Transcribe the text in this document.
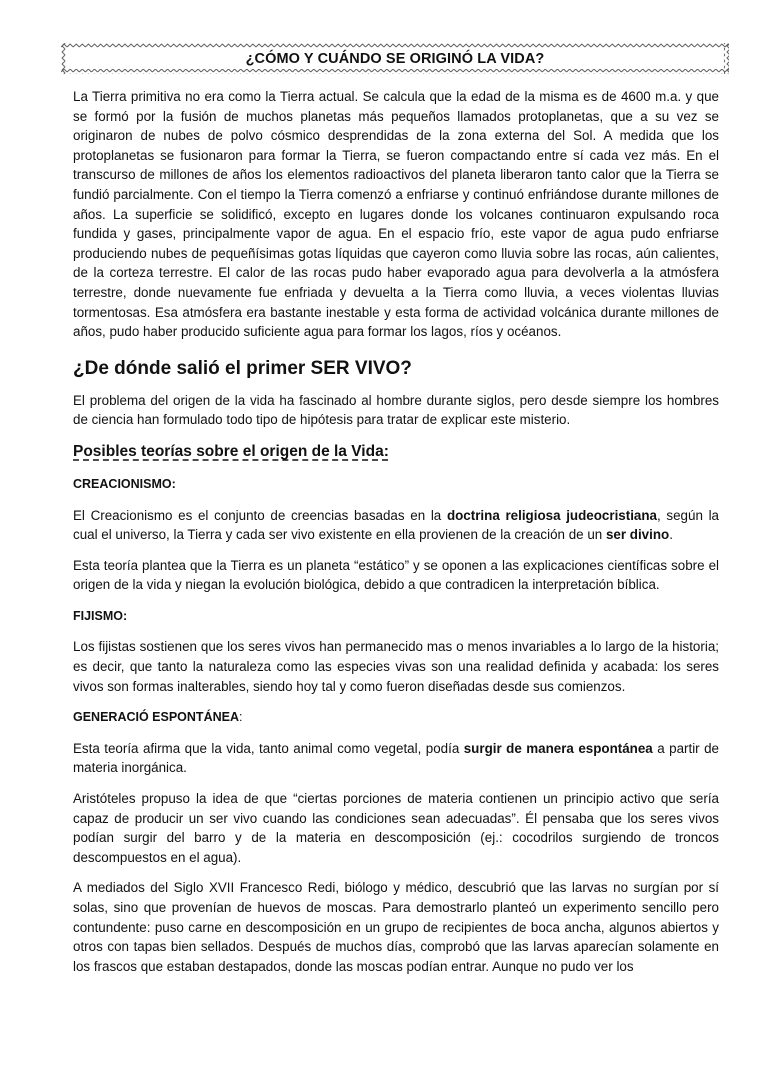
¿CÓMO Y CUÁNDO SE ORIGINÓ LA VIDA?

La Tierra primitiva no era como la Tierra actual. Se calcula que la edad de la misma es de 4600 m.a. y que se formó por la fusión de muchos planetas más pequeños llamados protoplanetas, que a su vez se originaron de nubes de polvo cósmico desprendidas de la zona externa del Sol. A medida que los protoplanetas se fusionaron para formar la Tierra, se fueron compactando entre sí cada vez más. En el transcurso de millones de años los elementos radioactivos del planeta liberaron tanto calor que la Tierra se fundió parcialmente. Con el tiempo la Tierra comenzó a enfriarse y continuó enfriándose durante millones de años. La superficie se solidificó, excepto en lugares donde los volcanes continuaron expulsando roca fundida y gases, principalmente vapor de agua. En el espacio frío, este vapor de agua pudo enfriarse produciendo nubes de pequeñísimas gotas líquidas que cayeron como lluvia sobre las rocas, aún calientes, de la corteza terrestre. El calor de las rocas pudo haber evaporado agua para devolverla a la atmósfera terrestre, donde nuevamente fue enfriada y devuelta a la Tierra como lluvia, a veces violentas lluvias tormentosas. Esa atmósfera era bastante inestable y esta forma de actividad volcánica durante millones de años, pudo haber producido suficiente agua para formar los lagos, ríos y océanos.

¿De dónde salió el primer SER VIVO?

El problema del origen de la vida ha fascinado al hombre durante siglos, pero desde siempre los hombres de ciencia han formulado todo tipo de hipótesis para tratar de explicar este misterio.

Posibles teorías sobre el origen de la Vida:

CREACIONISMO:

El Creacionismo es el conjunto de creencias basadas en la doctrina religiosa judeocristiana, según la cual el universo, la Tierra y cada ser vivo existente en ella provienen de la creación de un ser divino.

Esta teoría plantea que la Tierra es un planeta “estático” y se oponen a las explicaciones científicas sobre el origen de la vida y niegan la evolución biológica, debido a que contradicen la interpretación bíblica.

FIJISMO:

Los fijistas sostienen que los seres vivos han permanecido mas o menos invariables a lo largo de la historia; es decir, que tanto la naturaleza como las especies vivas son una realidad definida y acabada: los seres vivos son formas inalterables, siendo hoy tal y como fueron diseñadas desde sus comienzos.

GENERACIÓ ESPONTÁNEA:

Esta teoría afirma que la vida, tanto animal como vegetal, podía surgir de manera espontánea a partir de materia inorgánica.

Aristóteles propuso la idea de que “ciertas porciones de materia contienen un principio activo que sería capaz de producir un ser vivo cuando las condiciones sean adecuadas”. Él pensaba que los seres vivos podían surgir del barro y de la materia en descomposición (ej.: cocodrilos surgiendo de troncos descompuestos en el agua).

A mediados del Siglo XVII Francesco Redi, biólogo y médico, descubrió que las larvas no surgían por sí solas, sino que provenían de huevos de moscas. Para demostrarlo planteó un experimento sencillo pero contundente: puso carne en descomposición en un grupo de recipientes de boca ancha, algunos abiertos y otros con tapas bien sellados. Después de muchos días, comprobó que las larvas aparecían solamente en los frascos que estaban destapados, donde las moscas podían entrar. Aunque no pudo ver los
